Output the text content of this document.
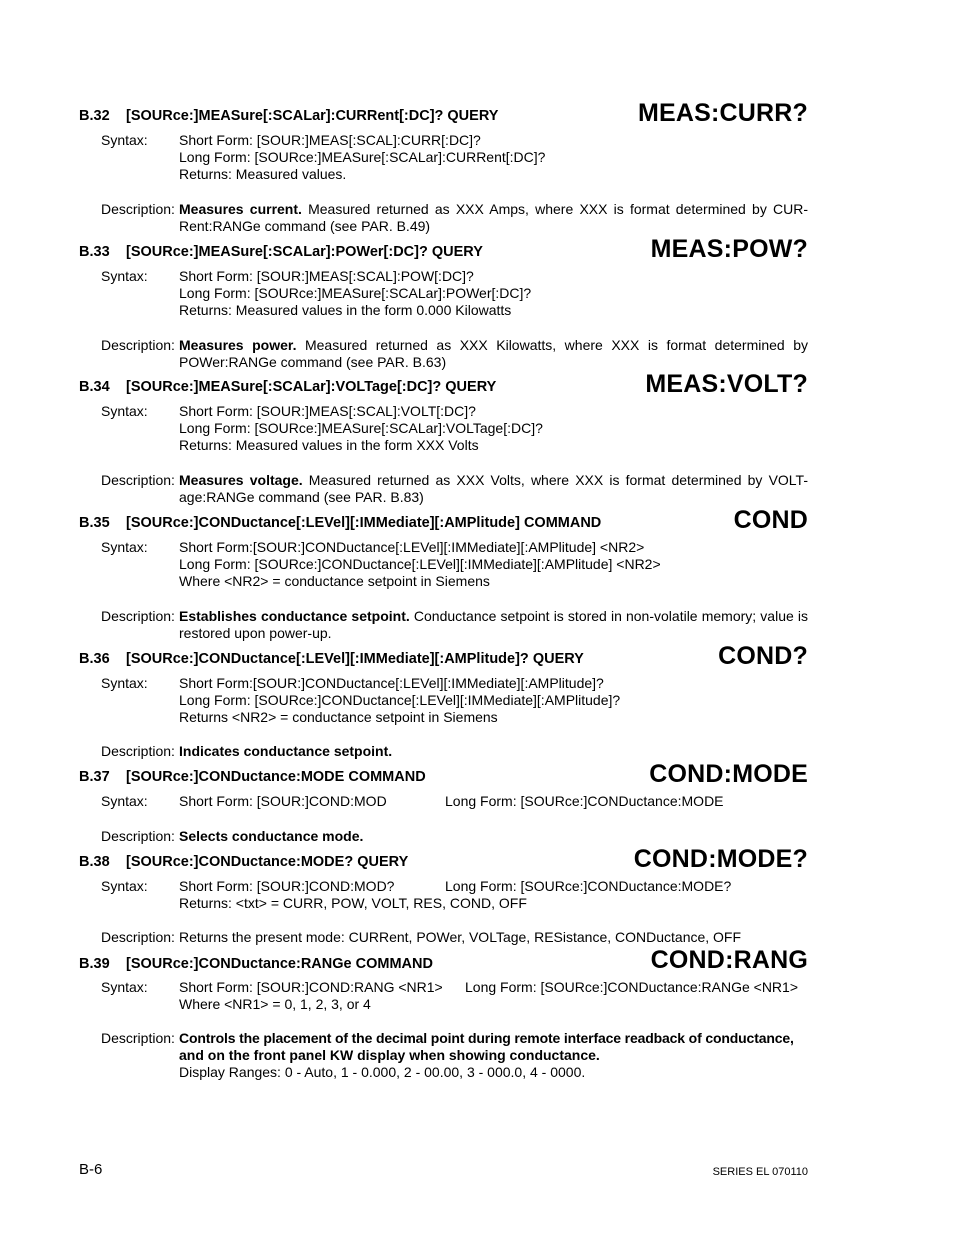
B.32 [SOURce:]MEASure[:SCALar]:CURRent[:DC]? QUERY	MEAS:CURR?
Syntax: Short Form: [SOUR:]MEAS[:SCAL]:CURR[:DC]?
Long Form: [SOURce:]MEASure[:SCALar]:CURRent[:DC]?
Returns: Measured values.
Description: Measures current. Measured returned as XXX Amps, where XXX is format determined by CUR-
Rent:RANGe command (see PAR. B.49)
B.33 [SOURce:]MEASure[:SCALar]:POWer[:DC]? QUERY	MEAS:POW?
Syntax: Short Form: [SOUR:]MEAS[:SCAL]:POW[:DC]?
Long Form: [SOURce:]MEASure[:SCALar]:POWer[:DC]?
Returns: Measured values in the form 0.000 Kilowatts
Description: Measures power. Measured returned as XXX Kilowatts, where XXX is format determined by
POWer:RANGe command (see PAR. B.63)
B.34 [SOURce:]MEASure[:SCALar]:VOLTage[:DC]? QUERY	MEAS:VOLT?
Syntax: Short Form: [SOUR:]MEAS[:SCAL]:VOLT[:DC]?
Long Form: [SOURce:]MEASure[:SCALar]:VOLTage[:DC]?
Returns: Measured values in the form XXX Volts
Description: Measures voltage. Measured returned as XXX Volts, where XXX is format determined by VOLT-
age:RANGe command (see PAR. B.83)
B.35 [SOURce:]CONDuctance[:LEVel][:IMMediate][:AMPlitude] COMMAND	COND
Syntax: Short Form:[SOUR:]CONDuctance[:LEVel][:IMMediate][:AMPlitude] <NR2>
Long Form: [SOURce:]CONDuctance[:LEVel][:IMMediate][:AMPlitude] <NR2>
Where <NR2> = conductance setpoint in Siemens
Description: Establishes conductance setpoint. Conductance setpoint is stored in non-volatile memory; value is
restored upon power-up.
B.36 [SOURce:]CONDuctance[:LEVel][:IMMediate][:AMPlitude]? QUERY	COND?
Syntax: Short Form:[SOUR:]CONDuctance[:LEVel][:IMMediate][:AMPlitude]?
Long Form: [SOURce:]CONDuctance[:LEVel][:IMMediate][:AMPlitude]?
Returns <NR2> = conductance setpoint in Siemens
Description: Indicates conductance setpoint.
B.37 [SOURce:]CONDuctance:MODE COMMAND	COND:MODE
Syntax: Short Form: [SOUR:]COND:MOD	Long Form: [SOURce:]CONDuctance:MODE
Description: Selects conductance mode.
B.38 [SOURce:]CONDuctance:MODE? QUERY	COND:MODE?
Syntax: Short Form: [SOUR:]COND:MOD?	Long Form: [SOURce:]CONDuctance:MODE?
Returns: <txt> = CURR, POW, VOLT, RES, COND, OFF
Description: Returns the present mode: CURRent, POWer, VOLTage, RESistance, CONDuctance, OFF
B.39 [SOURce:]CONDuctance:RANGe COMMAND	COND:RANG
Syntax: Short Form: [SOUR:]COND:RANG <NR1>	Long Form: [SOURce:]CONDuctance:RANGe <NR1>
Where <NR1> = 0, 1, 2, 3, or 4
Description: Controls the placement of the decimal point during remote interface readback of conductance,
and on the front panel KW display when showing conductance.
Display Ranges: 0 - Auto, 1 - 0.000, 2 - 00.00, 3 - 000.0, 4 - 0000.
B-6	SERIES EL 070110
